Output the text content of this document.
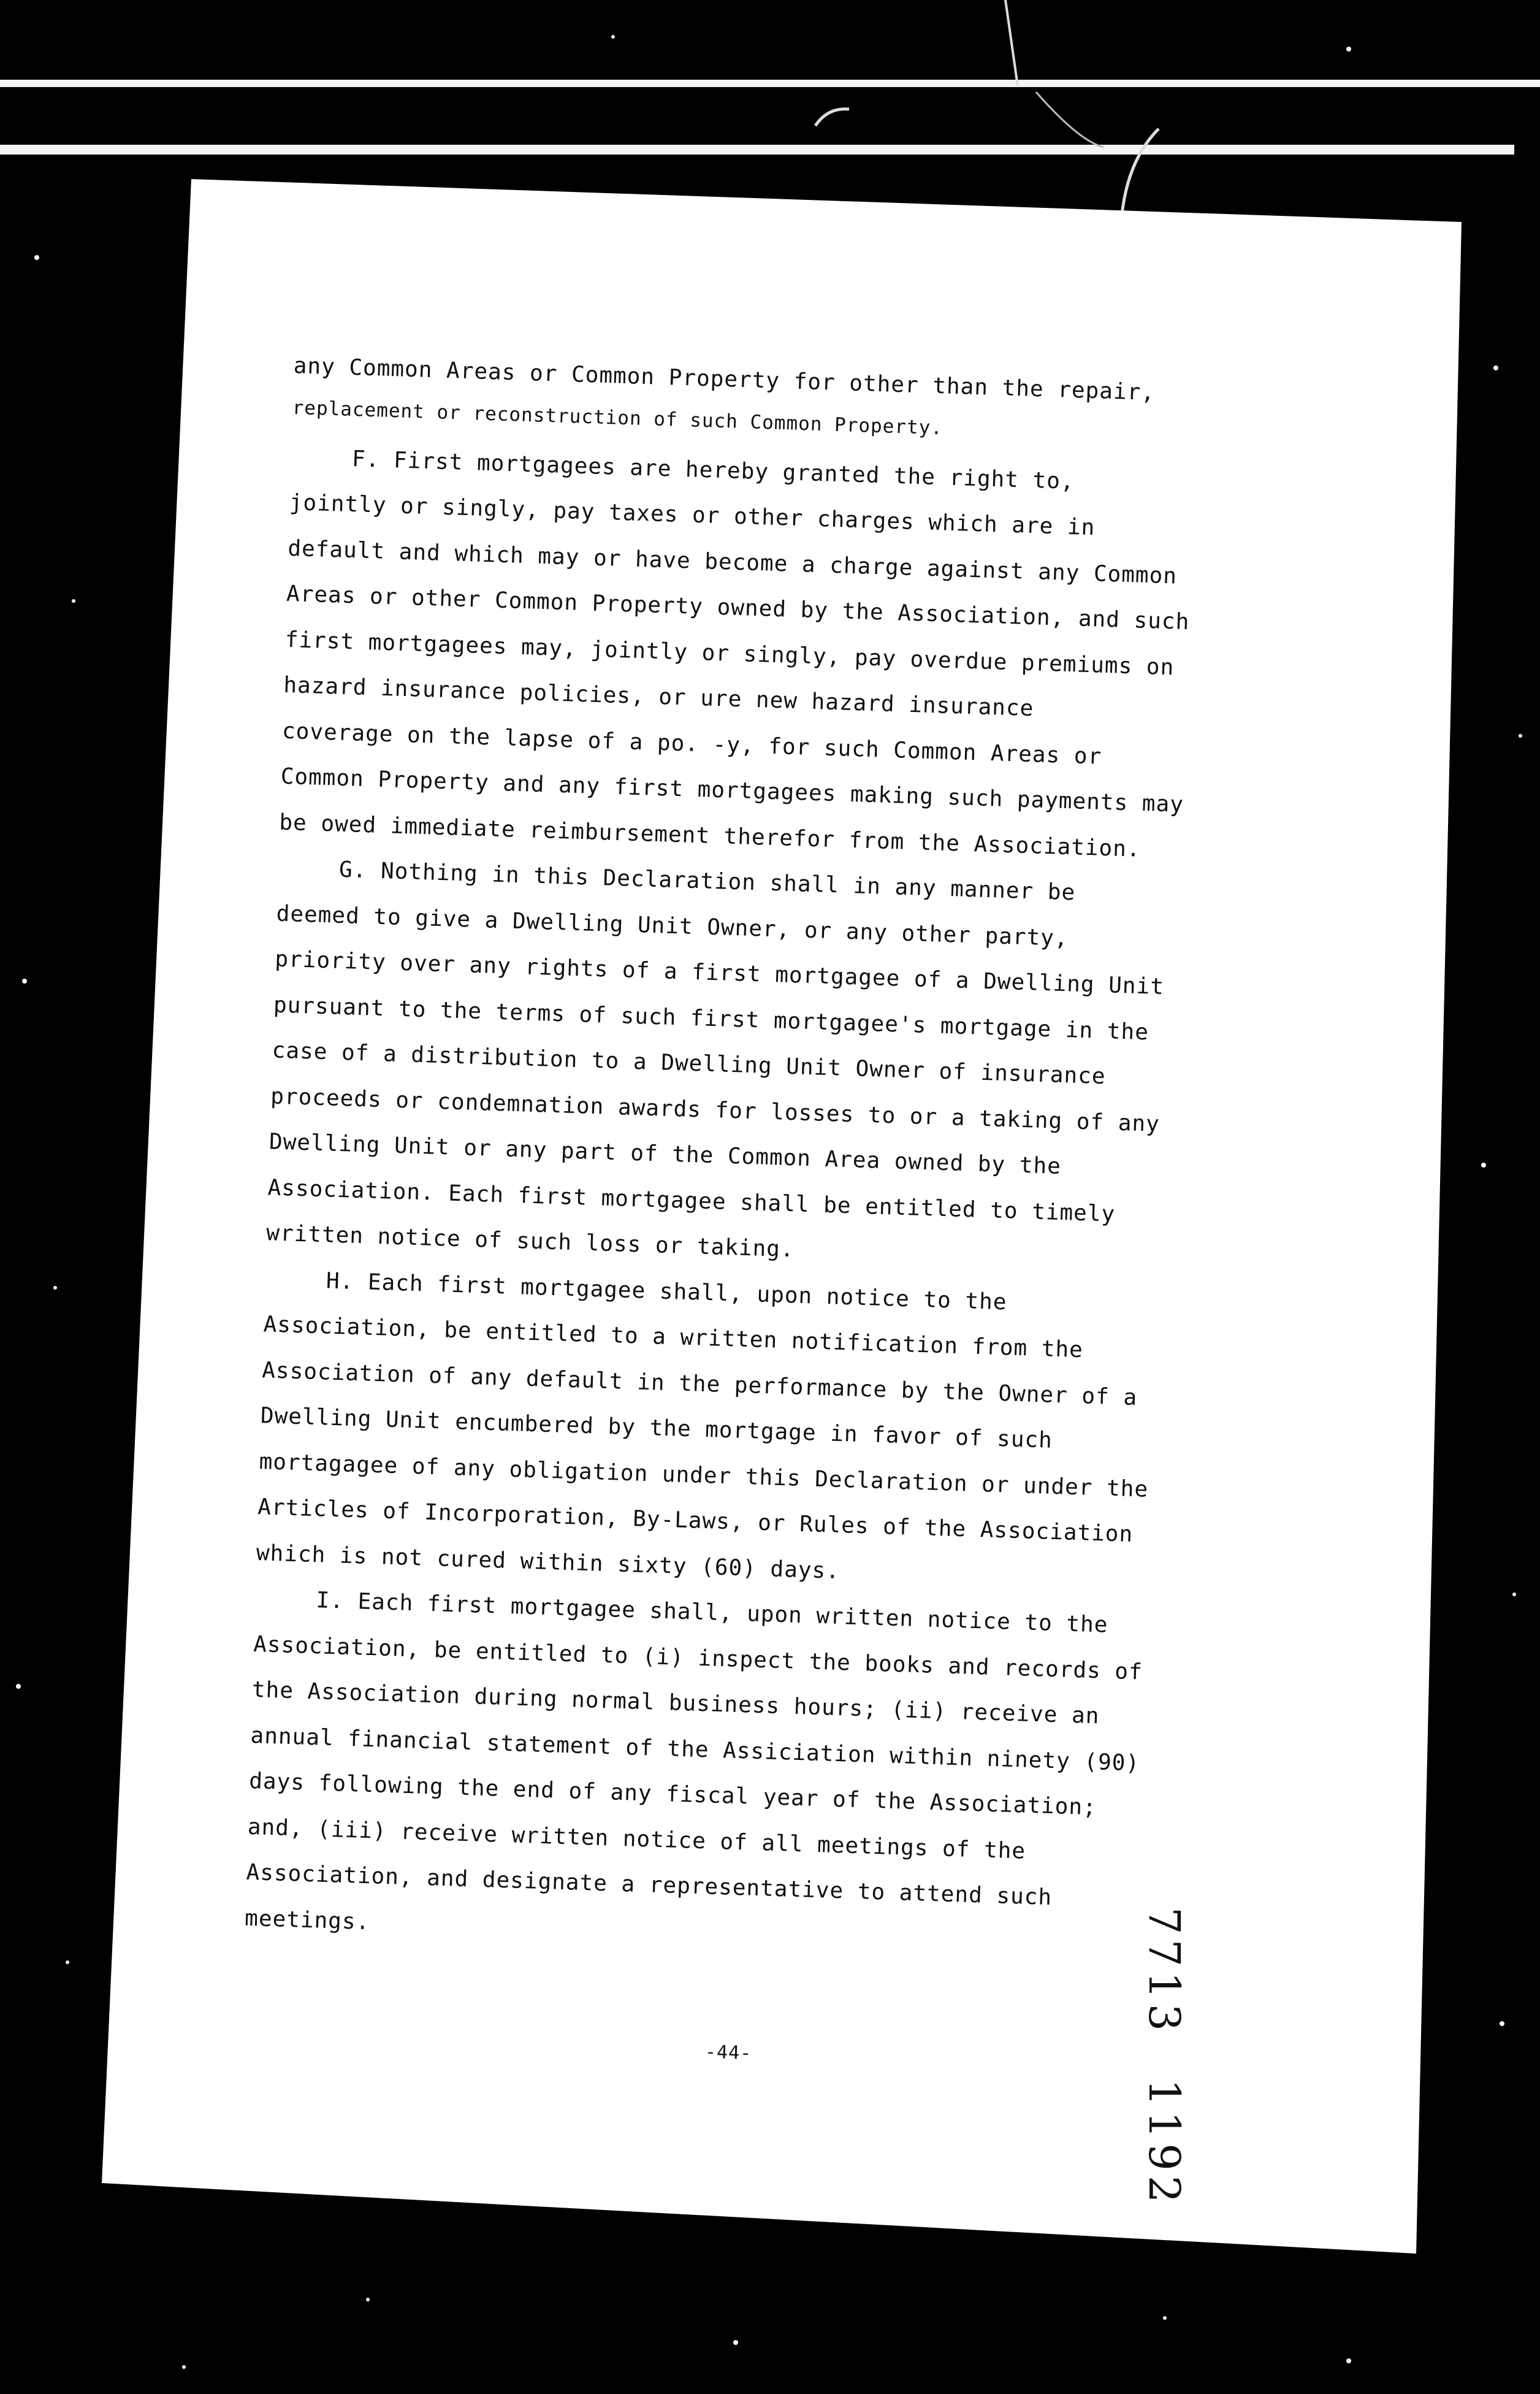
any Common Areas or Common Property for other than the repair,
replacement or reconstruction of such Common Property.
F. First mortgagees are hereby granted the right to,
jointly or singly, pay taxes or other charges which are in
default and which may or have become a charge against any Common
Areas or other Common Property owned by the Association, and such
first mortgagees may, jointly or singly, pay overdue premiums on
hazard insurance policies, or ure new hazard insurance
coverage on the lapse of a po. -y, for such Common Areas or
Common Property and any first mortgagees making such payments may
be owed immediate reimbursement therefor from the Association.
G. Nothing in this Declaration shall in any manner be
deemed to give a Dwelling Unit Owner, or any other party,
priority over any rights of a first mortgagee of a Dwelling Unit
pursuant to the terms of such first mortgagee's mortgage in the
case of a distribution to a Dwelling Unit Owner of insurance
proceeds or condemnation awards for losses to or a taking of any
Dwelling Unit or any part of the Common Area owned by the
Association. Each first mortgagee shall be entitled to timely
written notice of such loss or taking.
H. Each first mortgagee shall, upon notice to the
Association, be entitled to a written notification from the
Association of any default in the performance by the Owner of a
Dwelling Unit encumbered by the mortgage in favor of such
mortagagee of any obligation under this Declaration or under the
Articles of Incorporation, By-Laws, or Rules of the Association
which is not cured within sixty (60) days.
I. Each first mortgagee shall, upon written notice to the
Association, be entitled to (i) inspect the books and records of
the Association during normal business hours; (ii) receive an
annual financial statement of the Assiciation within ninety (90)
days following the end of any fiscal year of the Association;
and, (iii) receive written notice of all meetings of the
Association, and designate a representative to attend such
meetings.
-44-
77131192
